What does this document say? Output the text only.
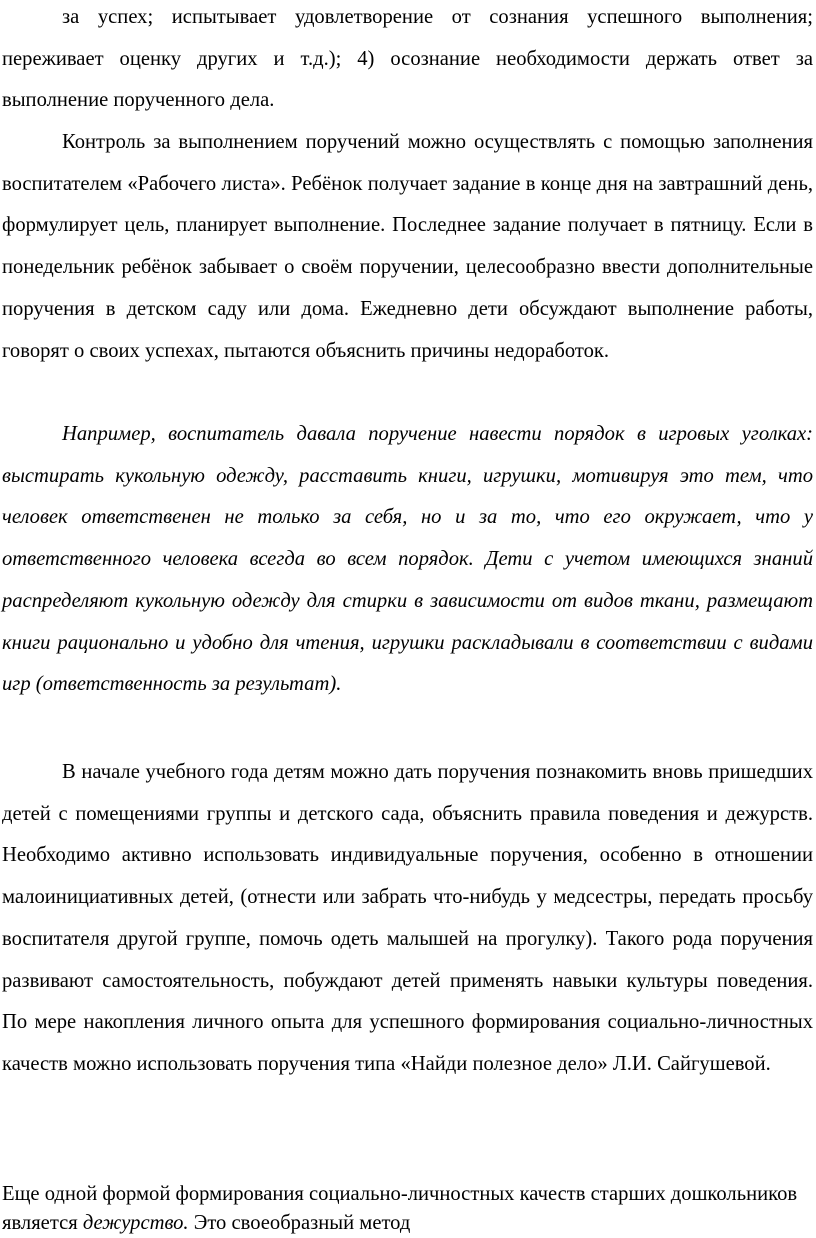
за успех; испытывает удовлетворение от сознания успешного выполнения; переживает оценку других и т.д.); 4) осознание необходимости держать ответ за выполнение порученного дела.

Контроль за выполнением поручений можно осуществлять с помощью заполнения воспитателем «Рабочего листа». Ребёнок получает задание в конце дня на завтрашний день, формулирует цель, планирует выполнение. Последнее задание получает в пятницу. Если в понедельник ребёнок забывает о своём поручении, целесообразно ввести дополнительные поручения в детском саду или дома. Ежедневно дети обсуждают выполнение работы, говорят о своих успехах, пытаются объяснить причины недоработок.

Например, воспитатель давала поручение навести порядок в игровых уголках: выстирать кукольную одежду, расставить книги, игрушки, мотивируя это тем, что человек ответственен не только за себя, но и за то, что его окружает, что у ответственного человека всегда во всем порядок. Дети с учетом имеющихся знаний распределяют кукольную одежду для стирки в зависимости от видов ткани, размещают книги рационально и удобно для чтения, игрушки раскладывали в соответствии с видами игр (ответственность за результат).

В начале учебного года детям можно дать поручения познакомить вновь пришедших детей с помещениями группы и детского сада, объяснить правила поведения и дежурств. Необходимо активно использовать индивидуальные поручения, особенно в отношении малоинициативных детей, (отнести или забрать что-нибудь у медсестры, передать просьбу воспитателя другой группе, помочь одеть малышей на прогулку). Такого рода поручения развивают самостоятельность, побуждают детей применять навыки культуры поведения. По мере накопления личного опыта для успешного формирования социально-личностных качеств можно использовать поручения типа «Найди полезное дело» Л.И. Сайгушевой.

Еще одной формой формирования социально-личностных качеств старших дошкольников является дежурство. Это своеобразный метод
